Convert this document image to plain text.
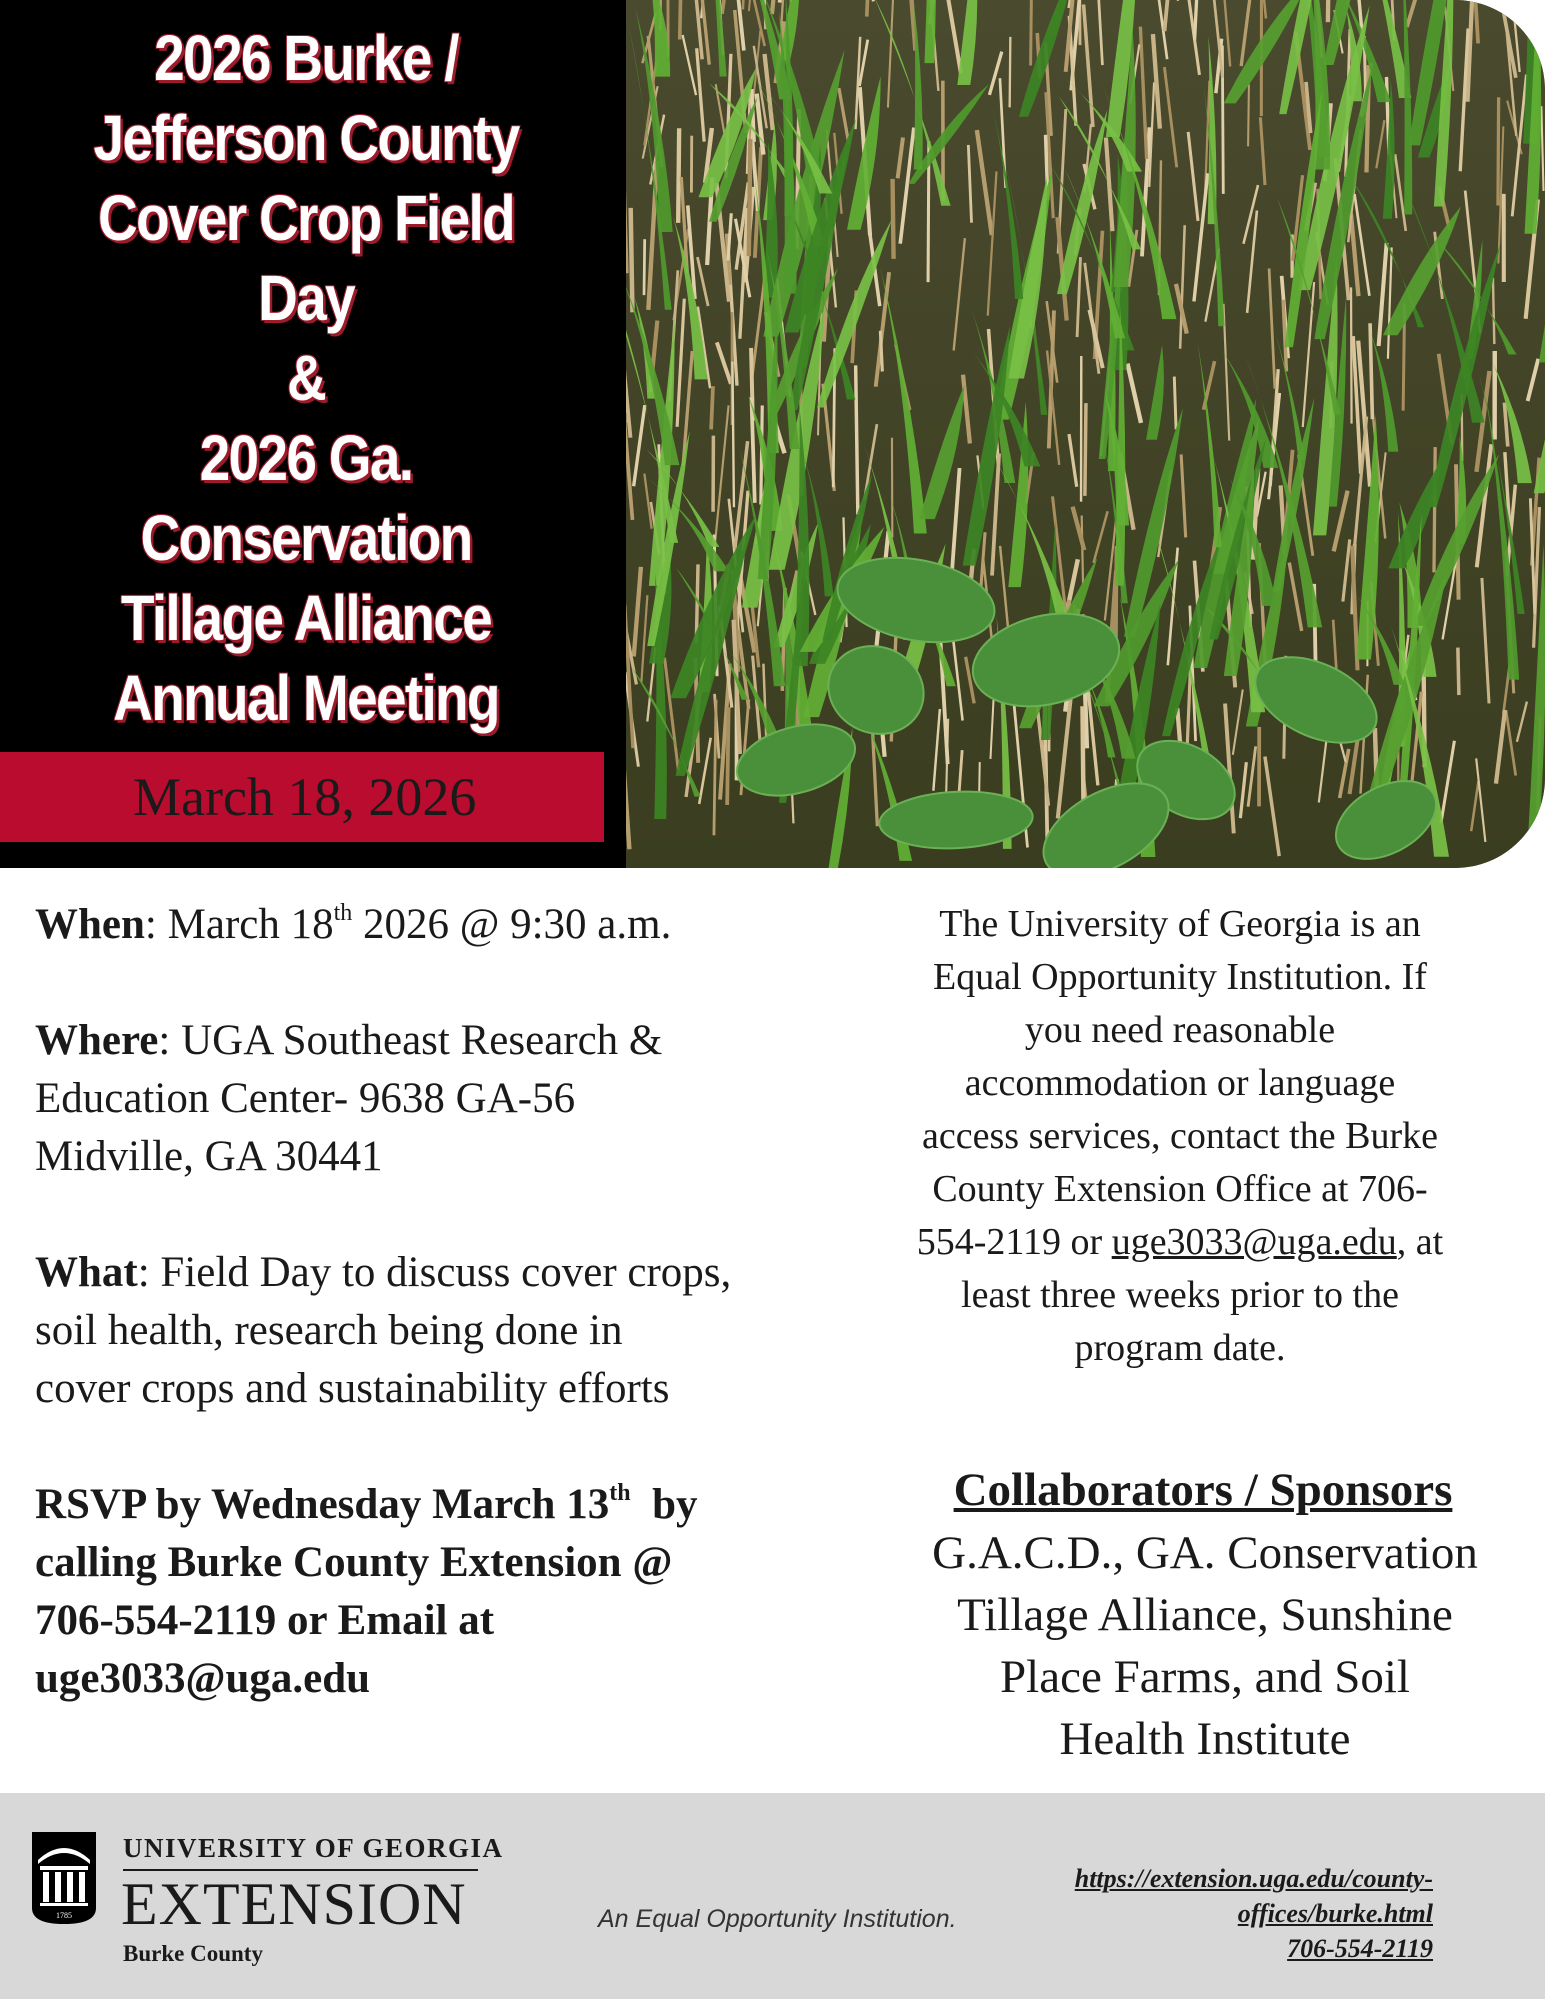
2026 Burke /
Jefferson County
Cover Crop Field
Day
&
2026 Ga.
Conservation
Tillage Alliance
Annual Meeting
March 18, 2026

When: March 18th 2026 @ 9:30 a.m.

Where: UGA Southeast Research &
Education Center- 9638 GA-56
Midville, GA 30441

What: Field Day to discuss cover crops,
soil health, research being done in
cover crops and sustainability efforts

RSVP by Wednesday March 13th  by
calling Burke County Extension @
706-554-2119 or Email at
uge3033@uga.edu

The University of Georgia is an
Equal Opportunity Institution. If
you need reasonable
accommodation or language
access services, contact the Burke
County Extension Office at 706-
554-2119 or uge3033@uga.edu, at
least three weeks prior to the
program date.

Collaborators / Sponsors

G.A.C.D., GA. Conservation
Tillage Alliance, Sunshine
Place Farms, and Soil
Health Institute

1785
UNIVERSITY OF GEORGIA
EXTENSION
Burke County
An Equal Opportunity Institution.
https://extension.uga.edu/county-
offices/burke.html
706-554-2119
